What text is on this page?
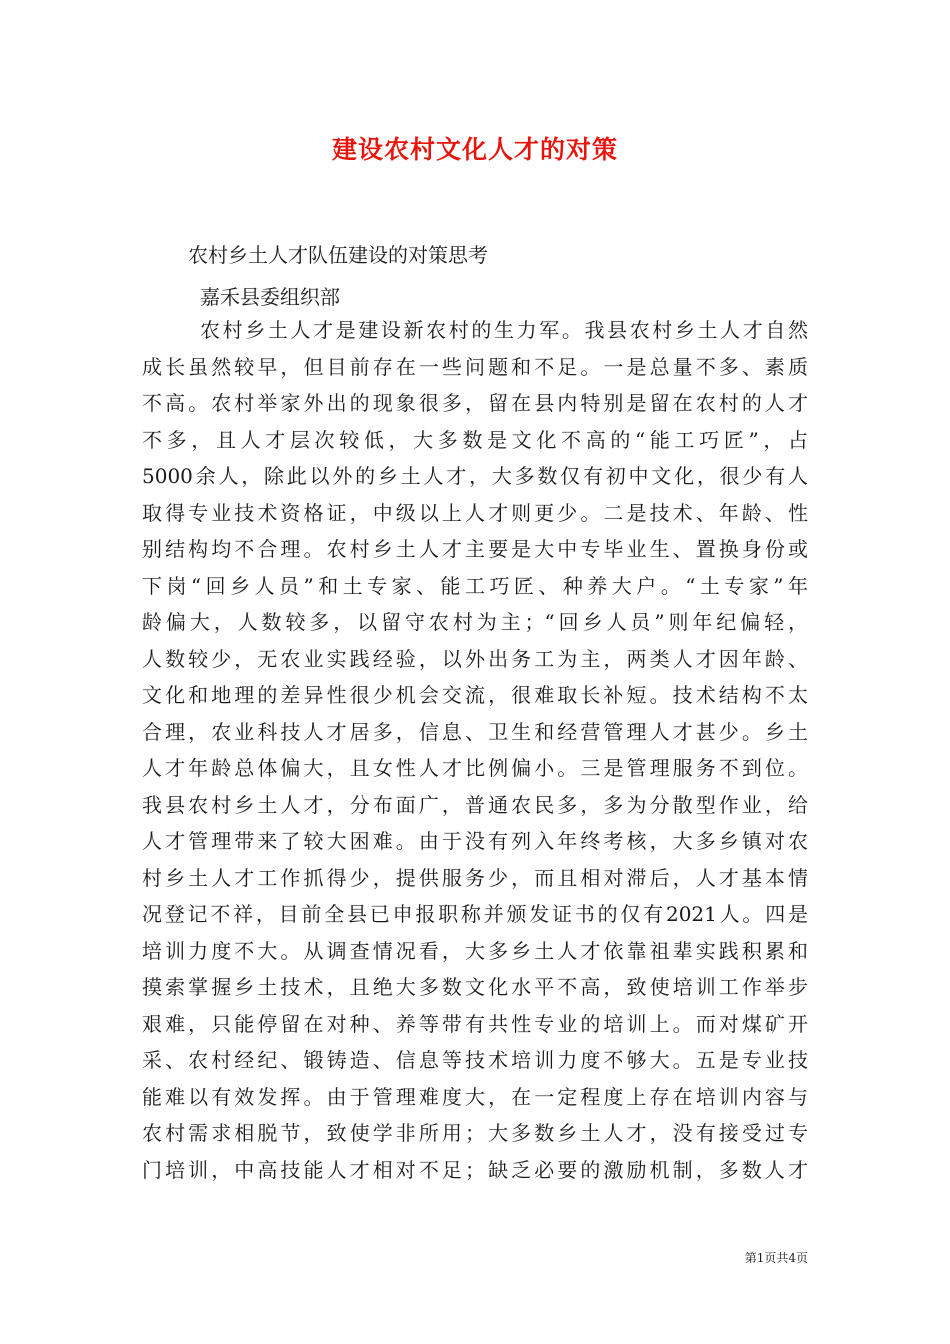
建设农村文化人才的对策

农村乡土人才队伍建设的对策思考

嘉禾县委组织部

农村乡土人才是建设新农村的生力军。我县农村乡土人才自然
成长虽然较早，但目前存在一些问题和不足。一是总量不多、素质
不高。农村举家外出的现象很多，留在县内特别是留在农村的人才
不多，且人才层次较低，大多数是文化不高的“能工巧匠”，占
5000余人，除此以外的乡土人才，大多数仅有初中文化，很少有人
取得专业技术资格证，中级以上人才则更少。二是技术、年龄、性
别结构均不合理。农村乡土人才主要是大中专毕业生、置换身份或
下岗“回乡人员”和土专家、能工巧匠、种养大户。“土专家”年
龄偏大，人数较多，以留守农村为主；“回乡人员”则年纪偏轻，
人数较少，无农业实践经验，以外出务工为主，两类人才因年龄、
文化和地理的差异性很少机会交流，很难取长补短。技术结构不太
合理，农业科技人才居多，信息、卫生和经营管理人才甚少。乡土
人才年龄总体偏大，且女性人才比例偏小。三是管理服务不到位。
我县农村乡土人才，分布面广，普通农民多，多为分散型作业，给
人才管理带来了较大困难。由于没有列入年终考核，大多乡镇对农
村乡土人才工作抓得少，提供服务少，而且相对滞后，人才基本情
况登记不祥，目前全县已申报职称并颁发证书的仅有2021人。四是
培训力度不大。从调查情况看，大多乡土人才依靠祖辈实践积累和
摸索掌握乡土技术，且绝大多数文化水平不高，致使培训工作举步
艰难，只能停留在对种、养等带有共性专业的培训上。而对煤矿开
采、农村经纪、锻铸造、信息等技术培训力度不够大。五是专业技
能难以有效发挥。由于管理难度大，在一定程度上存在培训内容与
农村需求相脱节，致使学非所用；大多数乡土人才，没有接受过专
门培训，中高技能人才相对不足；缺乏必要的激励机制，多数人才
第1页共4页
